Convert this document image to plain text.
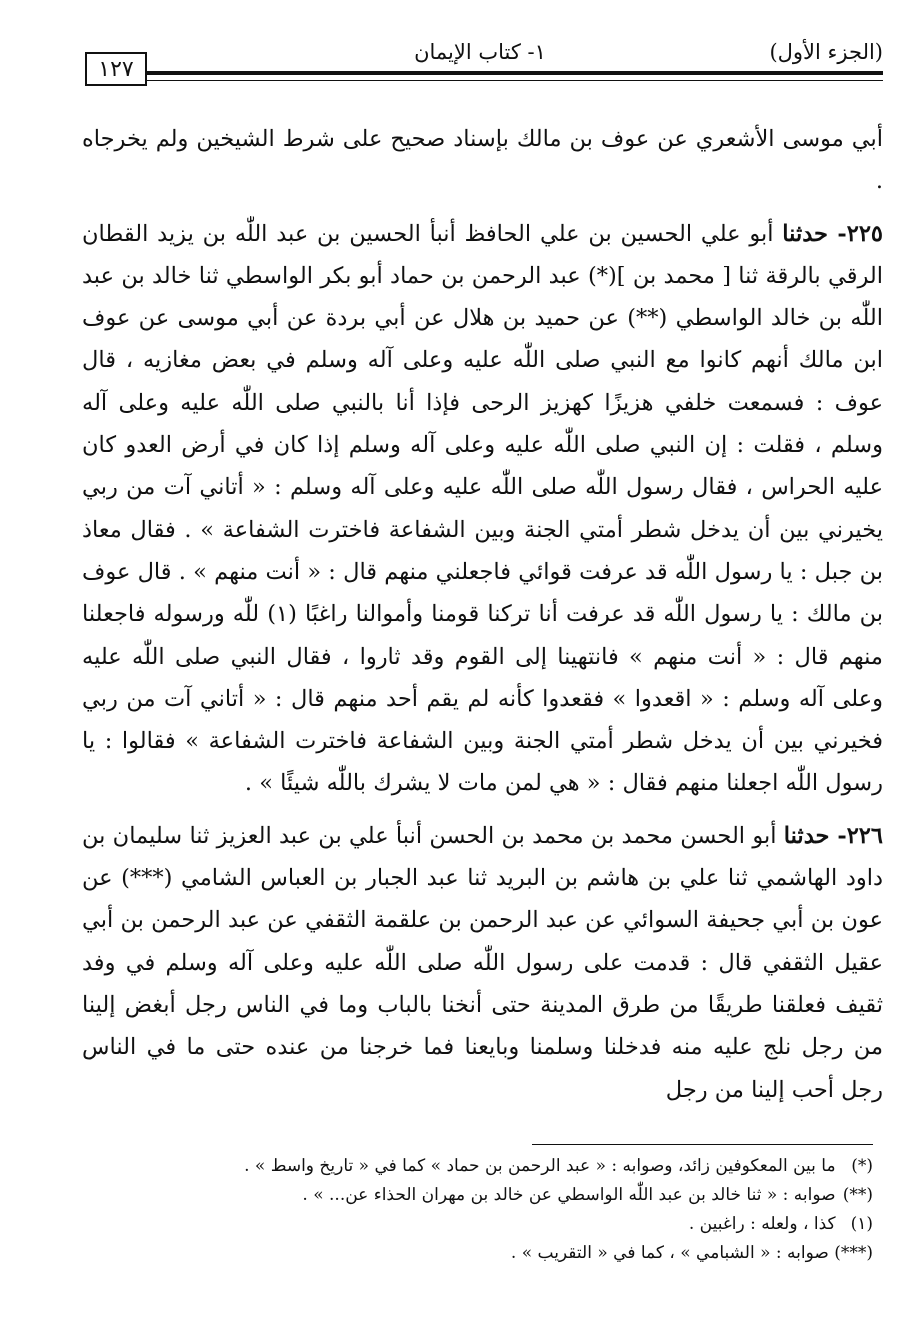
١٢٧
١- كتاب الإيمان	(الجزء الأول)

أبي موسى الأشعري عن عوف بن مالك بإسناد صحيح على شرط الشيخين ولم يخرجاه .

٢٢٥- حدثنا أبو علي الحسين بن علي الحافظ أنبأ الحسين بن عبد اللّٰه بن يزيد القطان الرقي بالرقة ثنا [ محمد بن ](*) عبد الرحمن بن حماد أبو بكر الواسطي ثنا خالد بن عبد اللّٰه بن خالد الواسطي (**) عن حميد بن هلال عن أبي بردة عن أبي موسى عن عوف ابن مالك أنهم كانوا مع النبي صلى اللّٰه عليه وعلى آله وسلم في بعض مغازيه ، قال عوف : فسمعت خلفي هزيزًا كهزيز الرحى فإذا أنا بالنبي صلى اللّٰه عليه وعلى آله وسلم ، فقلت : إن النبي صلى اللّٰه عليه وعلى آله وسلم إذا كان في أرض العدو كان عليه الحراس ، فقال رسول اللّٰه صلى اللّٰه عليه وعلى آله وسلم : « أتاني آت من ربي يخيرني بين أن يدخل شطر أمتي الجنة وبين الشفاعة فاخترت الشفاعة » . فقال معاذ بن جبل : يا رسول اللّٰه قد عرفت قوائي فاجعلني منهم قال : « أنت منهم » . قال عوف بن مالك : يا رسول اللّٰه قد عرفت أنا تركنا قومنا وأموالنا راغبًا (١) للّٰه ورسوله فاجعلنا منهم قال : « أنت منهم » فانتهينا إلى القوم وقد ثاروا ، فقال النبي صلى اللّٰه عليه وعلى آله وسلم : « اقعدوا » فقعدوا كأنه لم يقم أحد منهم قال : « أتاني آت من ربي فخيرني بين أن يدخل شطر أمتي الجنة وبين الشفاعة فاخترت الشفاعة » فقالوا : يا رسول اللّٰه اجعلنا منهم فقال : « هي لمن مات لا يشرك باللّٰه شيئًا » .

٢٢٦- حدثنا أبو الحسن محمد بن محمد بن الحسن أنبأ علي بن عبد العزيز ثنا سليمان بن داود الهاشمي ثنا علي بن هاشم بن البريد ثنا عبد الجبار بن العباس الشامي (***) عن عون بن أبي جحيفة السوائي عن عبد الرحمن بن علقمة الثقفي عن عبد الرحمن بن أبي عقيل الثقفي قال : قدمت على رسول اللّٰه صلى اللّٰه عليه وعلى آله وسلم في وفد ثقيف فعلقنا طريقًا من طرق المدينة حتى أنخنا بالباب وما في الناس رجل أبغض إلينا من رجل نلج عليه منه فدخلنا وسلمنا وبايعنا فما خرجنا من عنده حتى ما في الناس رجل أحب إلينا من رجل

(*) ما بين المعكوفين زائد، وصوابه : « عبد الرحمن بن حماد » كما في « تاريخ واسط » .

(**) صوابه : « ثنا خالد بن عبد اللّٰه الواسطي عن خالد بن مهران الحذاء عن... » .

(١) كذا ، ولعله : راغبين .

(***) صوابه : « الشبامي » ، كما في « التقريب » .
